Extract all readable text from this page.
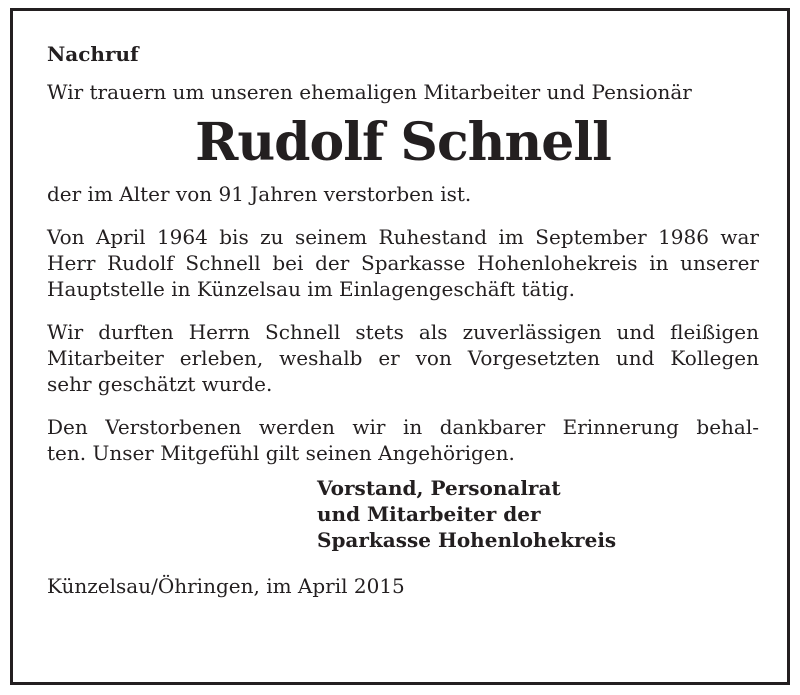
Nachruf

Wir trauern um unseren ehemaligen Mitarbeiter und Pensionär

Rudolf Schnell

der im Alter von 91 Jahren verstorben ist.

Von April 1964 bis zu seinem Ruhestand im September 1986 war
Herr Rudolf Schnell bei der Sparkasse Hohenlohekreis in unserer
Hauptstelle in Künzelsau im Einlagengeschäft tätig.

Wir durften Herrn Schnell stets als zuverlässigen und fleißigen
Mitarbeiter erleben, weshalb er von Vorgesetzten und Kollegen
sehr geschätzt wurde.

Den Verstorbenen werden wir in dankbarer Erinnerung behal-
ten. Unser Mitgefühl gilt seinen Angehörigen.

Vorstand, Personalrat
und Mitarbeiter der
Sparkasse Hohenlohekreis

Künzelsau/Öhringen, im April 2015
